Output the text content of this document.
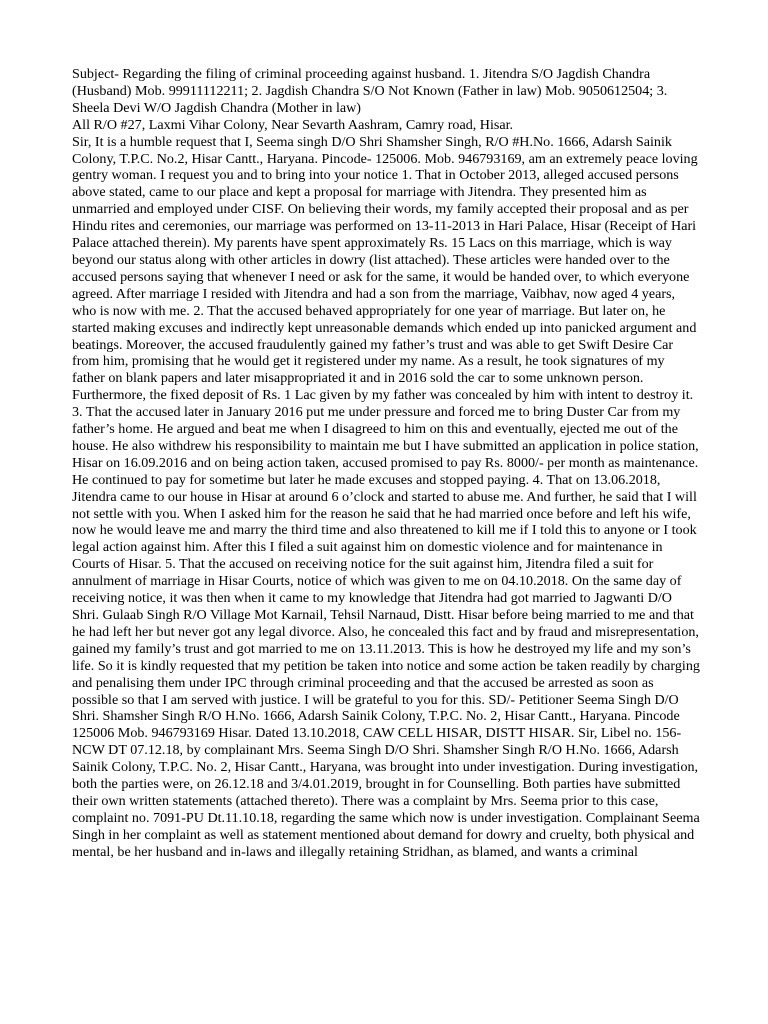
Subject- Regarding the filing of criminal proceeding against husband. 1. Jitendra S/O Jagdish Chandra (Husband) Mob. 99911112211; 2. Jagdish Chandra S/O Not Known (Father in law) Mob. 9050612504; 3. Sheela Devi W/O Jagdish Chandra (Mother in law)

All R/O #27, Laxmi Vihar Colony, Near Sevarth Aashram, Camry road, Hisar.

Sir, It is a humble request that I, Seema singh D/O Shri Shamsher Singh, R/O #H.No. 1666, Adarsh Sainik Colony, T.P.C. No.2, Hisar Cantt., Haryana. Pincode- 125006. Mob. 946793169, am an extremely peace loving gentry woman. I request you and to bring into your notice 1. That in October 2013, alleged accused persons above stated, came to our place and kept a proposal for marriage with Jitendra. They presented him as unmarried and employed under CISF. On believing their words, my family accepted their proposal and as per Hindu rites and ceremonies, our marriage was performed on 13-11-2013 in Hari Palace, Hisar (Receipt of Hari Palace attached therein). My parents have spent approximately Rs. 15 Lacs on this marriage, which is way beyond our status along with other articles in dowry (list attached). These articles were handed over to the accused persons saying that whenever I need or ask for the same, it would be handed over, to which everyone agreed. After marriage I resided with Jitendra and had a son from the marriage, Vaibhav, now aged 4 years, who is now with me. 2. That the accused behaved appropriately for one year of marriage. But later on, he started making excuses and indirectly kept unreasonable demands which ended up into panicked argument and beatings. Moreover, the accused fraudulently gained my father’s trust and was able to get Swift Desire Car from him, promising that he would get it registered under my name. As a result, he took signatures of my father on blank papers and later misappropriated it and in 2016 sold the car to some unknown person. Furthermore, the fixed deposit of Rs. 1 Lac given by my father was concealed by him with intent to destroy it. 3. That the accused later in January 2016 put me under pressure and forced me to bring Duster Car from my father’s home. He argued and beat me when I disagreed to him on this and eventually, ejected me out of the house. He also withdrew his responsibility to maintain me but I have submitted an application in police station, Hisar on 16.09.2016 and on being action taken, accused promised to pay Rs. 8000/- per month as maintenance. He continued to pay for sometime but later he made excuses and stopped paying. 4. That on 13.06.2018, Jitendra came to our house in Hisar at around 6 o’clock and started to abuse me. And further, he said that I will not settle with you. When I asked him for the reason he said that he had married once before and left his wife, now he would leave me and marry the third time and also threatened to kill me if I told this to anyone or I took legal action against him. After this I filed a suit against him on domestic violence and for maintenance in Courts of Hisar. 5. That the accused on receiving notice for the suit against him, Jitendra filed a suit for annulment of marriage in Hisar Courts, notice of which was given to me on 04.10.2018. On the same day of receiving notice, it was then when it came to my knowledge that Jitendra had got married to Jagwanti D/O Shri. Gulaab Singh R/O Village Mot Karnail, Tehsil Narnaud, Distt. Hisar before being married to me and that he had left her but never got any legal divorce. Also, he concealed this fact and by fraud and misrepresentation, gained my family’s trust and got married to me on 13.11.2013. This is how he destroyed my life and my son’s life. So it is kindly requested that my petition be taken into notice and some action be taken readily by charging and penalising them under IPC through criminal proceeding and that the accused be arrested as soon as possible so that I am served with justice. I will be grateful to you for this. SD/- Petitioner Seema Singh D/O Shri. Shamsher Singh R/O H.No. 1666, Adarsh Sainik Colony, T.P.C. No. 2, Hisar Cantt., Haryana. Pincode 125006 Mob. 946793169 Hisar. Dated 13.10.2018, CAW CELL HISAR, DISTT HISAR. Sir, Libel no. 156-NCW DT 07.12.18, by complainant Mrs. Seema Singh D/O Shri. Shamsher Singh R/O H.No. 1666, Adarsh Sainik Colony, T.P.C. No. 2, Hisar Cantt., Haryana, was brought into under investigation. During investigation, both the parties were, on 26.12.18 and 3/4.01.2019, brought in for Counselling. Both parties have submitted their own written statements (attached thereto). There was a complaint by Mrs. Seema prior to this case, complaint no. 7091-PU Dt.11.10.18, regarding the same which now is under investigation. Complainant Seema Singh in her complaint as well as statement mentioned about demand for dowry and cruelty, both physical and mental, be her husband and in-laws and illegally retaining Stridhan, as blamed, and wants a criminal
